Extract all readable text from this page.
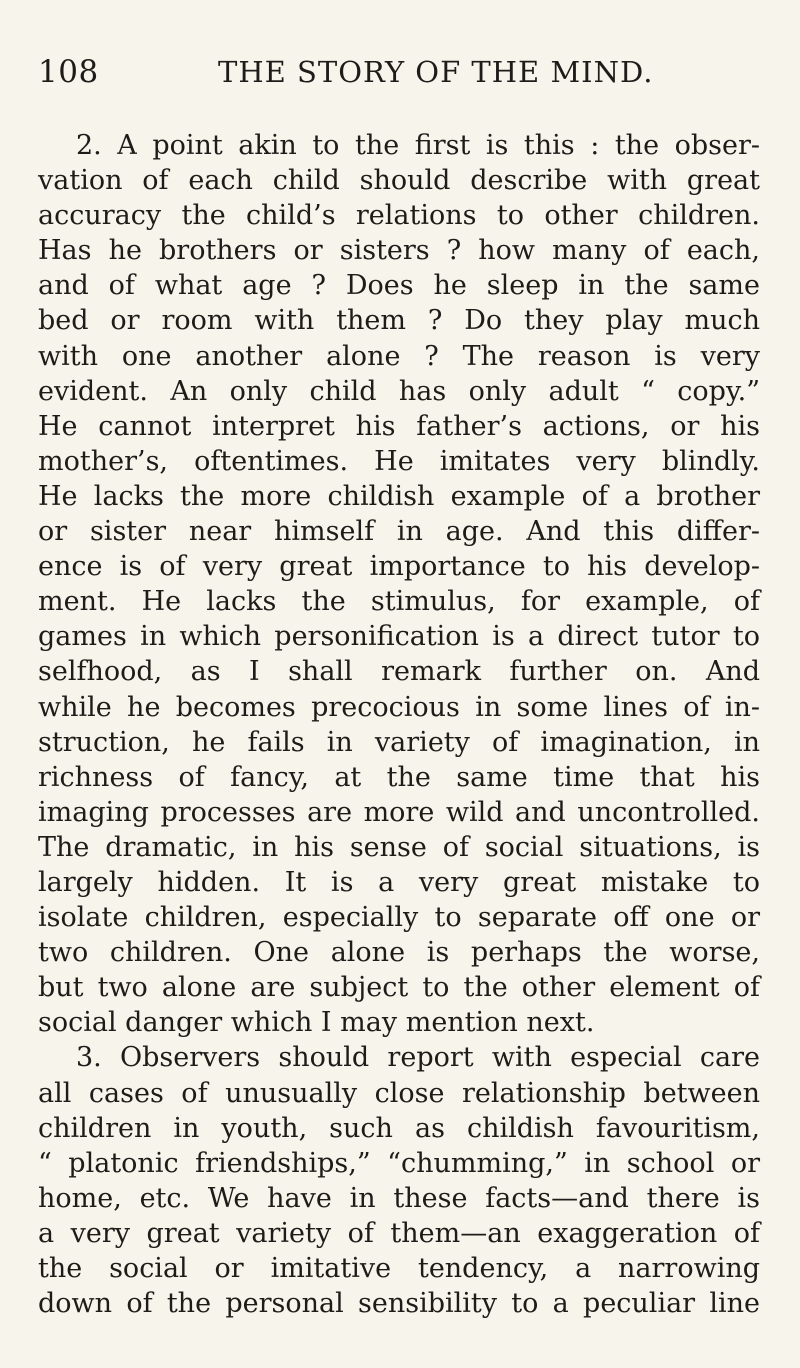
108	THE STORY OF THE MIND.
2. A point akin to the first is this : the obser-
vation of each child should describe with great
accuracy the child’s relations to other children.
Has he brothers or sisters ? how many of each,
and of what age ? Does he sleep in the same
bed or room with them ? Do they play much
with one another alone ? The reason is very
evident. An only child has only adult “ copy.”
He cannot interpret his father’s actions, or his
mother’s, oftentimes. He imitates very blindly.
He lacks the more childish example of a brother
or sister near himself in age. And this differ-
ence is of very great importance to his develop-
ment. He lacks the stimulus, for example, of
games in which personification is a direct tutor to
selfhood, as I shall remark further on. And
while he becomes precocious in some lines of in-
struction, he fails in variety of imagination, in
richness of fancy, at the same time that his
imaging processes are more wild and uncontrolled.
The dramatic, in his sense of social situations, is
largely hidden. It is a very great mistake to
isolate children, especially to separate off one or
two children. One alone is perhaps the worse,
but two alone are subject to the other element of
social danger which I may mention next.
3. Observers should report with especial care
all cases of unusually close relationship between
children in youth, such as childish favouritism,
“ platonic friendships,” “chumming,” in school or
home, etc. We have in these facts—and there is
a very great variety of them—an exaggeration of
the social or imitative tendency, a narrowing
down of the personal sensibility to a peculiar line
